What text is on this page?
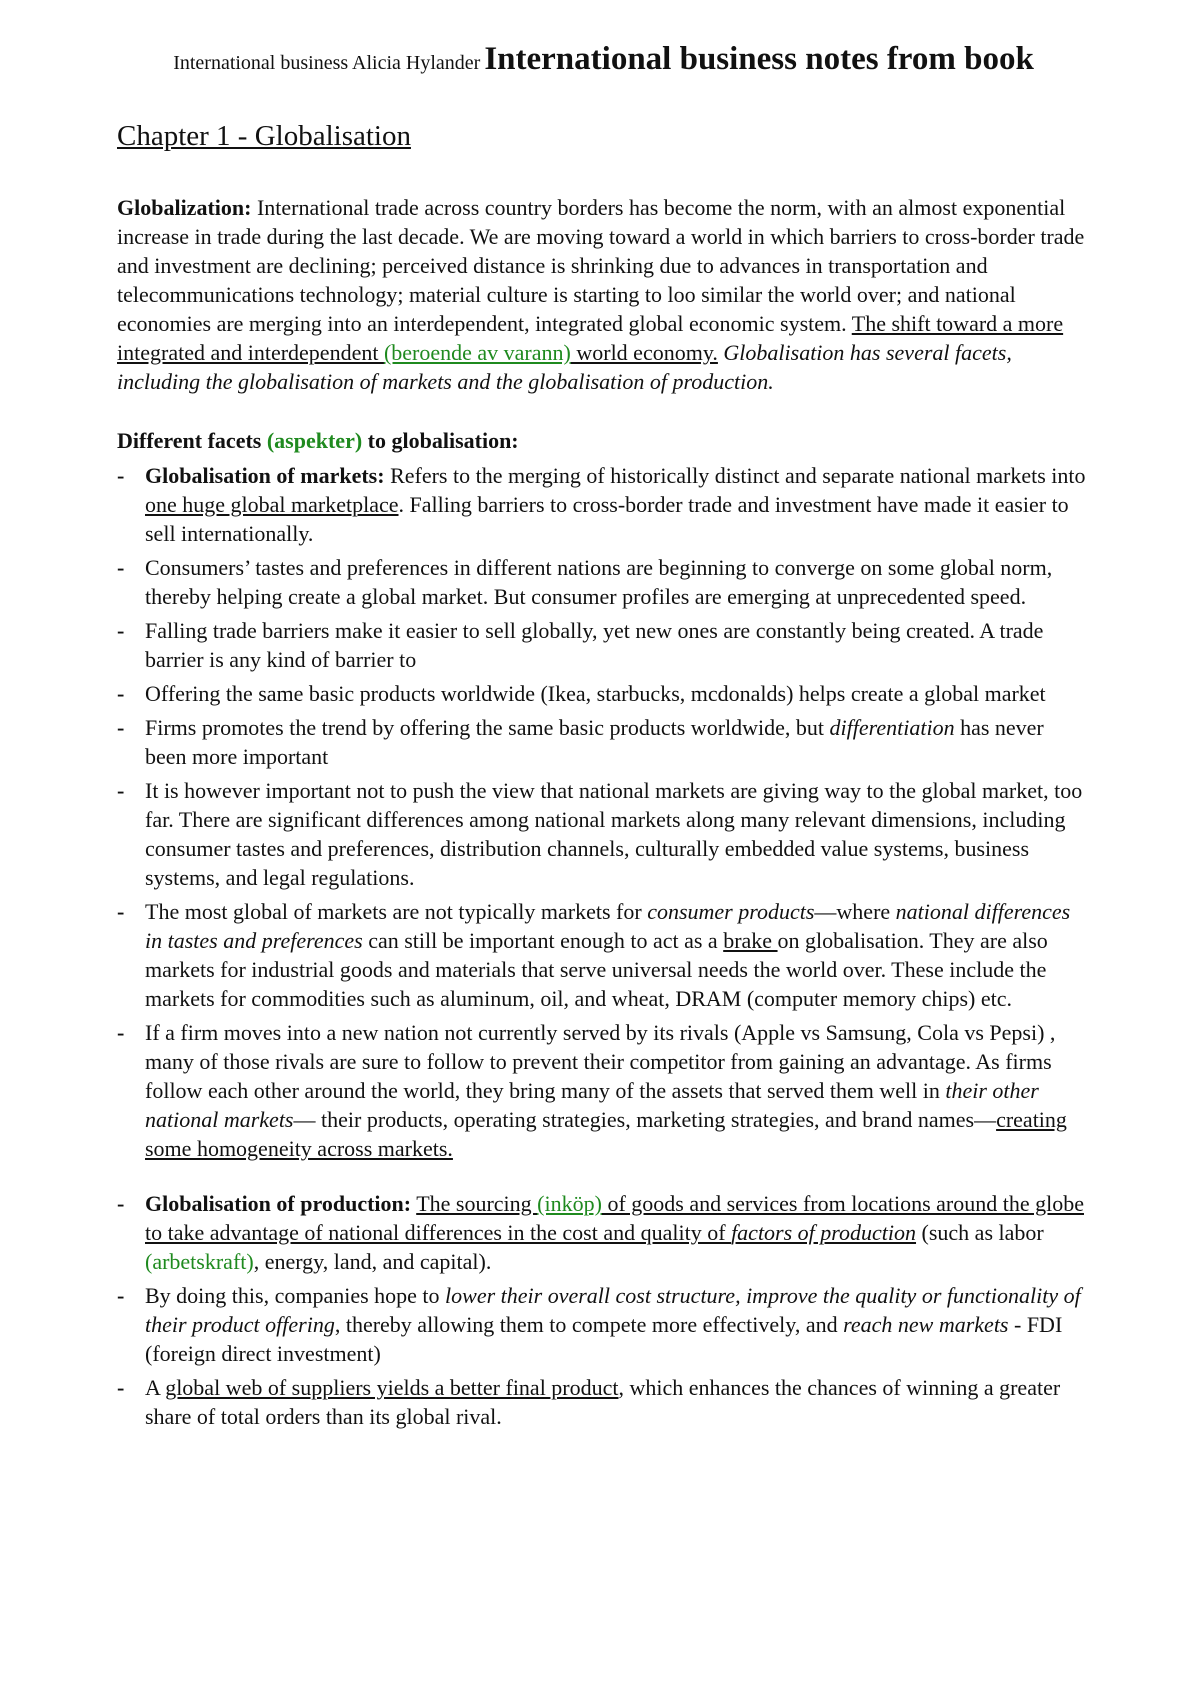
International business Alicia Hylander International business notes from book
Chapter 1 - Globalisation

Globalization: International trade across country borders has become the norm, with an almost exponential increase in trade during the last decade. We are moving toward a world in which barriers to cross-border trade and investment are declining; perceived distance is shrinking due to advances in transportation and telecommunications technology; material culture is starting to loo similar the world over; and national economies are merging into an interdependent, integrated global economic system. The shift toward a more integrated and interdependent (beroende av varann) world economy. Globalisation has several facets, including the globalisation of markets and the globalisation of production.

Different facets (aspekter) to globalisation:
- Globalisation of markets: Refers to the merging of historically distinct and separate national markets into one huge global marketplace. Falling barriers to cross-border trade and investment have made it easier to sell internationally.
- Consumers’ tastes and preferences in different nations are beginning to converge on some global norm, thereby helping create a global market. But consumer profiles are emerging at unprecedented speed.
- Falling trade barriers make it easier to sell globally, yet new ones are constantly being created. A trade barrier is any kind of barrier to
- Offering the same basic products worldwide (Ikea, starbucks, mcdonalds) helps create a global market
- Firms promotes the trend by offering the same basic products worldwide, but differentiation has never been more important
- It is however important not to push the view that national markets are giving way to the global market, too far. There are significant differences among national markets along many relevant dimensions, including consumer tastes and preferences, distribution channels, culturally embedded value systems, business systems, and legal regulations.
- The most global of markets are not typically markets for consumer products—where national differences in tastes and preferences can still be important enough to act as a brake on globalisation. They are also markets for industrial goods and materials that serve universal needs the world over. These include the markets for commodities such as aluminum, oil, and wheat, DRAM (computer memory chips) etc.
- If a firm moves into a new nation not currently served by its rivals (Apple vs Samsung, Cola vs Pepsi) , many of those rivals are sure to follow to prevent their competitor from gaining an advantage. As firms follow each other around the world, they bring many of the assets that served them well in their other national markets— their products, operating strategies, marketing strategies, and brand names—creating some homogeneity across markets.
- Globalisation of production: The sourcing (inköp) of goods and services from locations around the globe to take advantage of national differences in the cost and quality of factors of production (such as labor (arbetskraft), energy, land, and capital).
- By doing this, companies hope to lower their overall cost structure, improve the quality or functionality of their product offering, thereby allowing them to compete more effectively, and reach new markets - FDI (foreign direct investment)
- A global web of suppliers yields a better final product, which enhances the chances of winning a greater share of total orders than its global rival.
